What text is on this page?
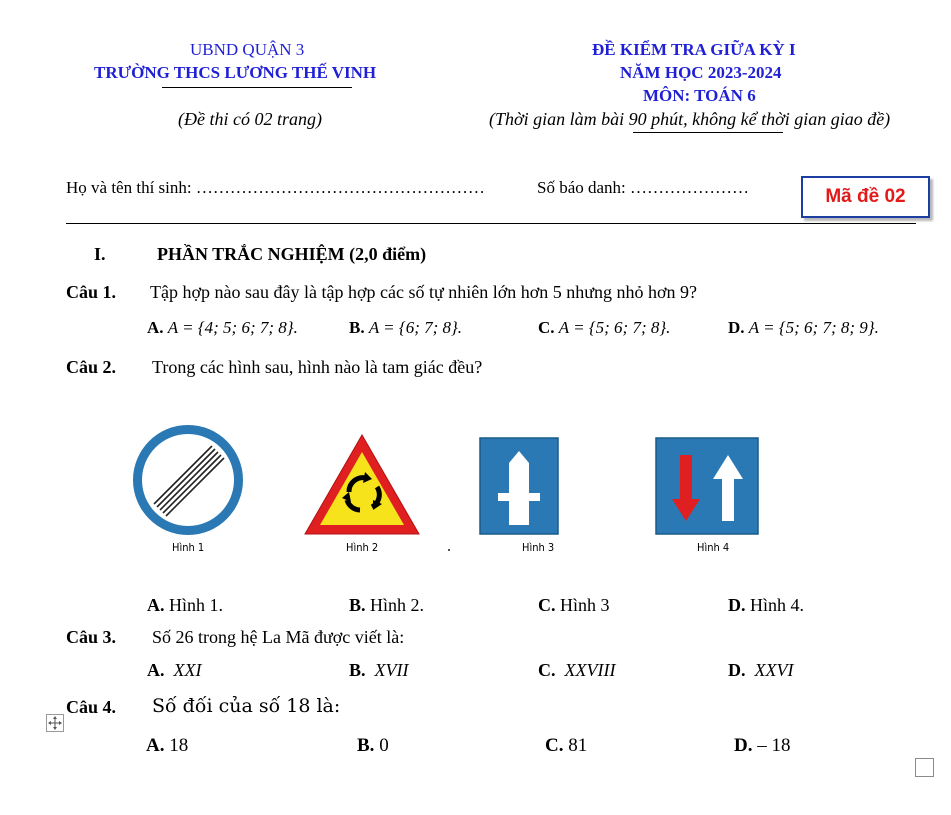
UBND QUẬN 3
TRƯỜNG THCS LƯƠNG THẾ VINH
(Đề thi có 02 trang)
ĐỀ KIỂM TRA GIỮA KỲ I
NĂM HỌC 2023-2024
MÔN: TOÁN 6
(Thời gian làm bài 90 phút, không kể thời gian giao đề)
Họ và tên thí sinh: ……………………………………………	Số báo danh: …………………	Mã đề 02
I.	PHẦN TRẮC NGHIỆM (2,0 điểm)
Câu 1. Tập hợp nào sau đây là tập hợp các số tự nhiên lớn hơn 5 nhưng nhỏ hơn 9?
A. A = {4; 5; 6; 7; 8}.	B. A = {6; 7; 8}.	C. A = {5; 6; 7; 8}.	D. A = {5; 6; 7; 8; 9}.
Câu 2. Trong các hình sau, hình nào là tam giác đều?
Hình 1	Hình 2	Hình 3	Hình 4
A. Hình 1.	B. Hình 2.	C. Hình 3	D. Hình 4.
Câu 3. Số 26 trong hệ La Mã được viết là:
A. XXI	B. XVII	C. XXVIII	D. XXVI
Câu 4. Số đối của số 18 là:
A. 18	B. 0	C. 81	D. – 18
